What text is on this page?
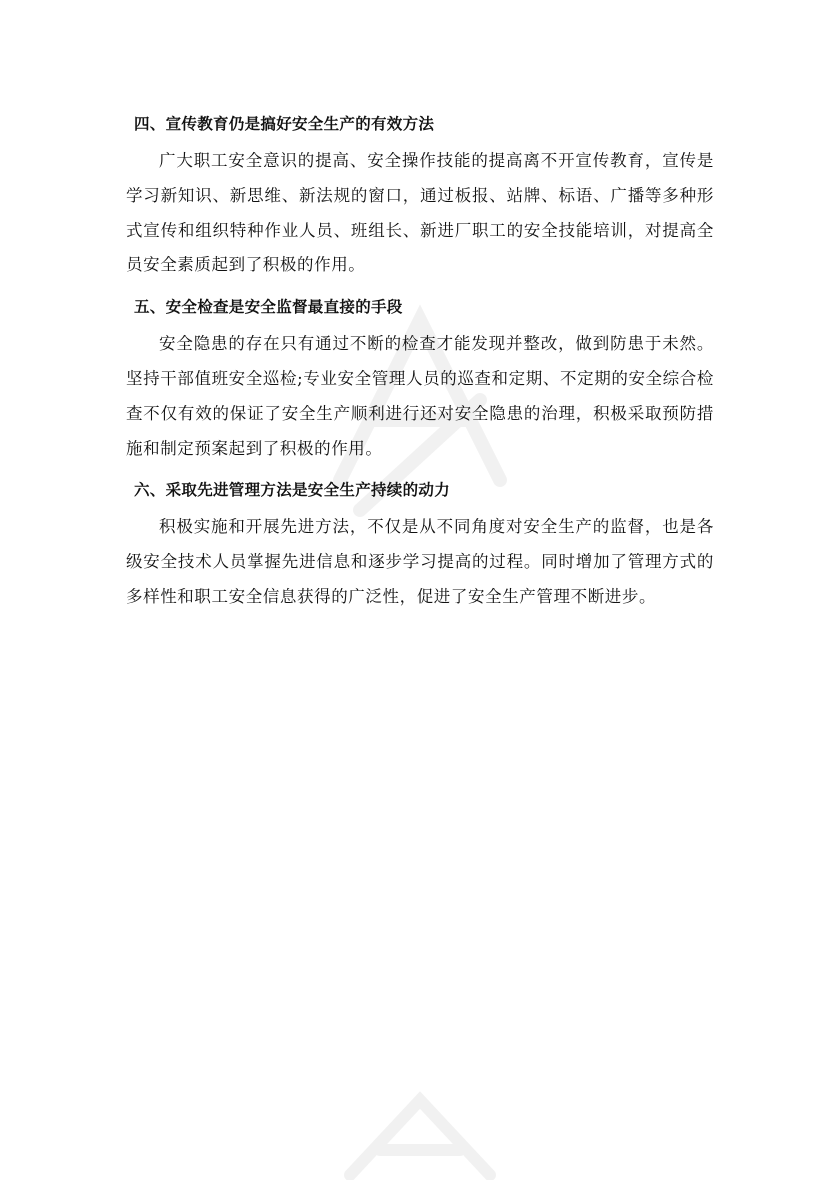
四、宣传教育仍是搞好安全生产的有效方法

广大职工安全意识的提高、安全操作技能的提高离不开宣传教育，宣传是学习新知识、新思维、新法规的窗口，通过板报、站牌、标语、广播等多种形式宣传和组织特种作业人员、班组长、新进厂职工的安全技能培训，对提高全员安全素质起到了积极的作用。

五、安全检查是安全监督最直接的手段

安全隐患的存在只有通过不断的检查才能发现并整改，做到防患于未然。坚持干部值班安全巡检;专业安全管理人员的巡查和定期、不定期的安全综合检查不仅有效的保证了安全生产顺利进行还对安全隐患的治理，积极采取预防措施和制定预案起到了积极的作用。

六、采取先进管理方法是安全生产持续的动力

积极实施和开展先进方法，不仅是从不同角度对安全生产的监督，也是各级安全技术人员掌握先进信息和逐步学习提高的过程。同时增加了管理方式的多样性和职工安全信息获得的广泛性，促进了安全生产管理不断进步。
